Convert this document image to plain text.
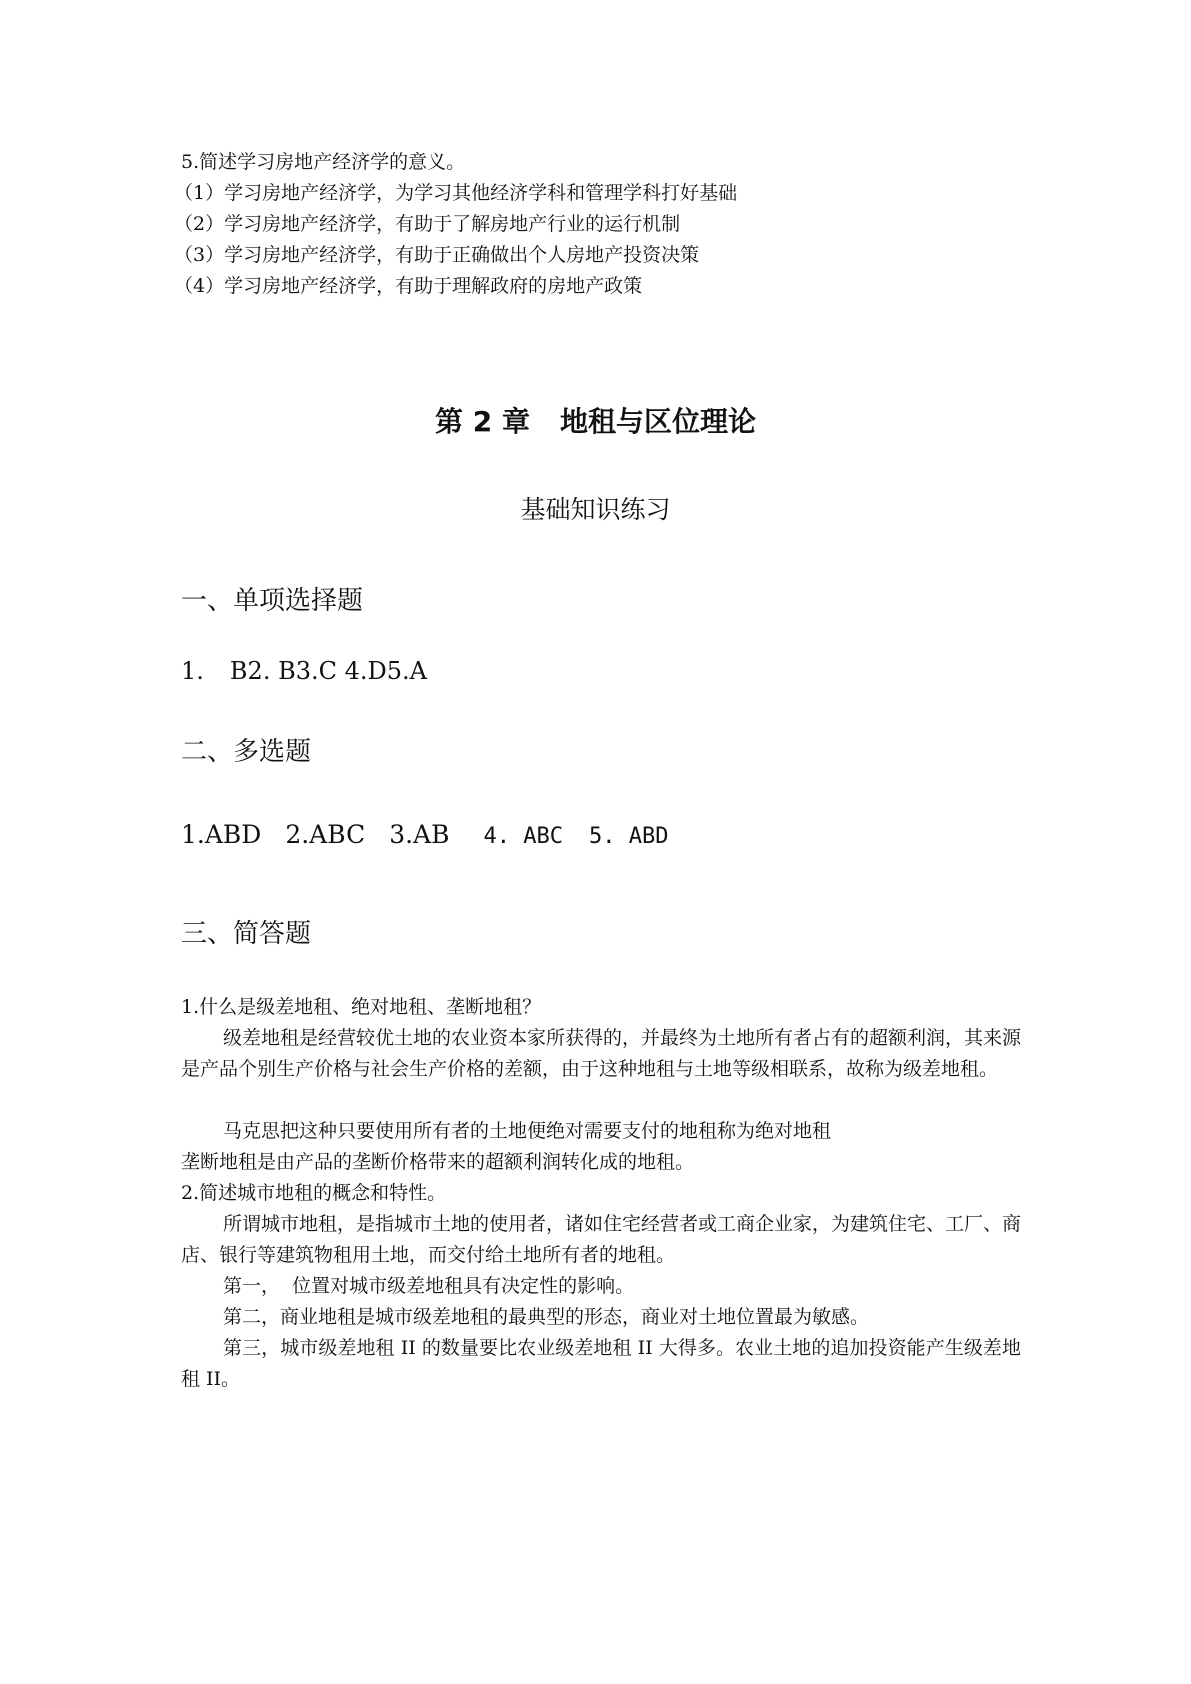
5.简述学习房地产经济学的意义。
（1）学习房地产经济学，为学习其他经济学科和管理学科打好基础
（2）学习房地产经济学，有助于了解房地产行业的运行机制
（3）学习房地产经济学，有助于正确做出个人房地产投资决策
（4）学习房地产经济学，有助于理解政府的房地产政策
第 2 章 地租与区位理论
基础知识练习
一、单项选择题
1. B2. B3.C 4.D5.A
二、多选题
1.ABD 2.ABC 3.AB 4. ABC 5. ABD
三、简答题
1.什么是级差地租、绝对地租、垄断地租？
级差地租是经营较优土地的农业资本家所获得的，并最终为土地所有者占有的超额利润，其来源是产品个别生产价格与社会生产价格的差额，由于这种地租与土地等级相联系，故称为级差地租。
马克思把这种只要使用所有者的土地便绝对需要支付的地租称为绝对地租
垄断地租是由产品的垄断价格带来的超额利润转化成的地租。
2.简述城市地租的概念和特性。
所谓城市地租，是指城市土地的使用者，诸如住宅经营者或工商企业家，为建筑住宅、工厂、商店、银行等建筑物租用土地，而交付给土地所有者的地租。
第一，  位置对城市级差地租具有决定性的影响。
第二，商业地租是城市级差地租的最典型的形态，商业对土地位置最为敏感。
第三，城市级差地租 II 的数量要比农业级差地租 II 大得多。农业土地的追加投资能产生级差地租 II。
